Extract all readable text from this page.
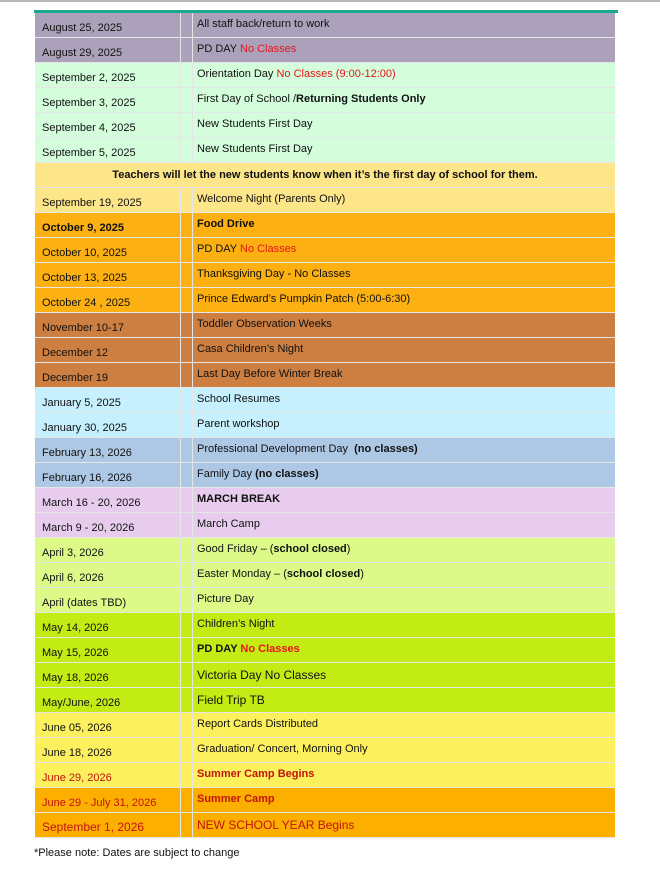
August 25, 2025	All staff back/return to work
August 29, 2025	PD DAY No Classes
September 2, 2025	Orientation Day No Classes (9:00-12:00)
September 3, 2025	First Day of School /Returning Students Only
September 4, 2025	New Students First Day
September 5, 2025	New Students First Day
Teachers will let the new students know when it’s the first day of school for them.
September 19, 2025	Welcome Night (Parents Only)
October 9, 2025	Food Drive
October 10, 2025	PD DAY No Classes
October 13, 2025	Thanksgiving Day - No Classes
October 24 , 2025	Prince Edward’s Pumpkin Patch (5:00-6:30)
November 10-17	Toddler Observation Weeks
December 12	Casa Children’s Night
December 19	Last Day Before Winter Break
January 5, 2025	School Resumes
January 30, 2025	Parent workshop
February 13, 2026	Professional Development Day  (no classes)
February 16, 2026	Family Day (no classes)
March 16 - 20, 2026	MARCH BREAK
March 9 - 20, 2026	March Camp
April 3, 2026	Good Friday – (school closed)
April 6, 2026	Easter Monday – (school closed)
April (dates TBD)	Picture Day
May 14, 2026	Children’s Night
May 15, 2026	PD DAY No Classes
May 18, 2026	Victoria Day No Classes
May/June, 2026	Field Trip TB
June 05, 2026	Report Cards Distributed
June 18, 2026	Graduation/ Concert, Morning Only
June 29, 2026	Summer Camp Begins
June 29 - July 31, 2026	Summer Camp
September 1, 2026	NEW SCHOOL YEAR Begins
*Please note: Dates are subject to change
